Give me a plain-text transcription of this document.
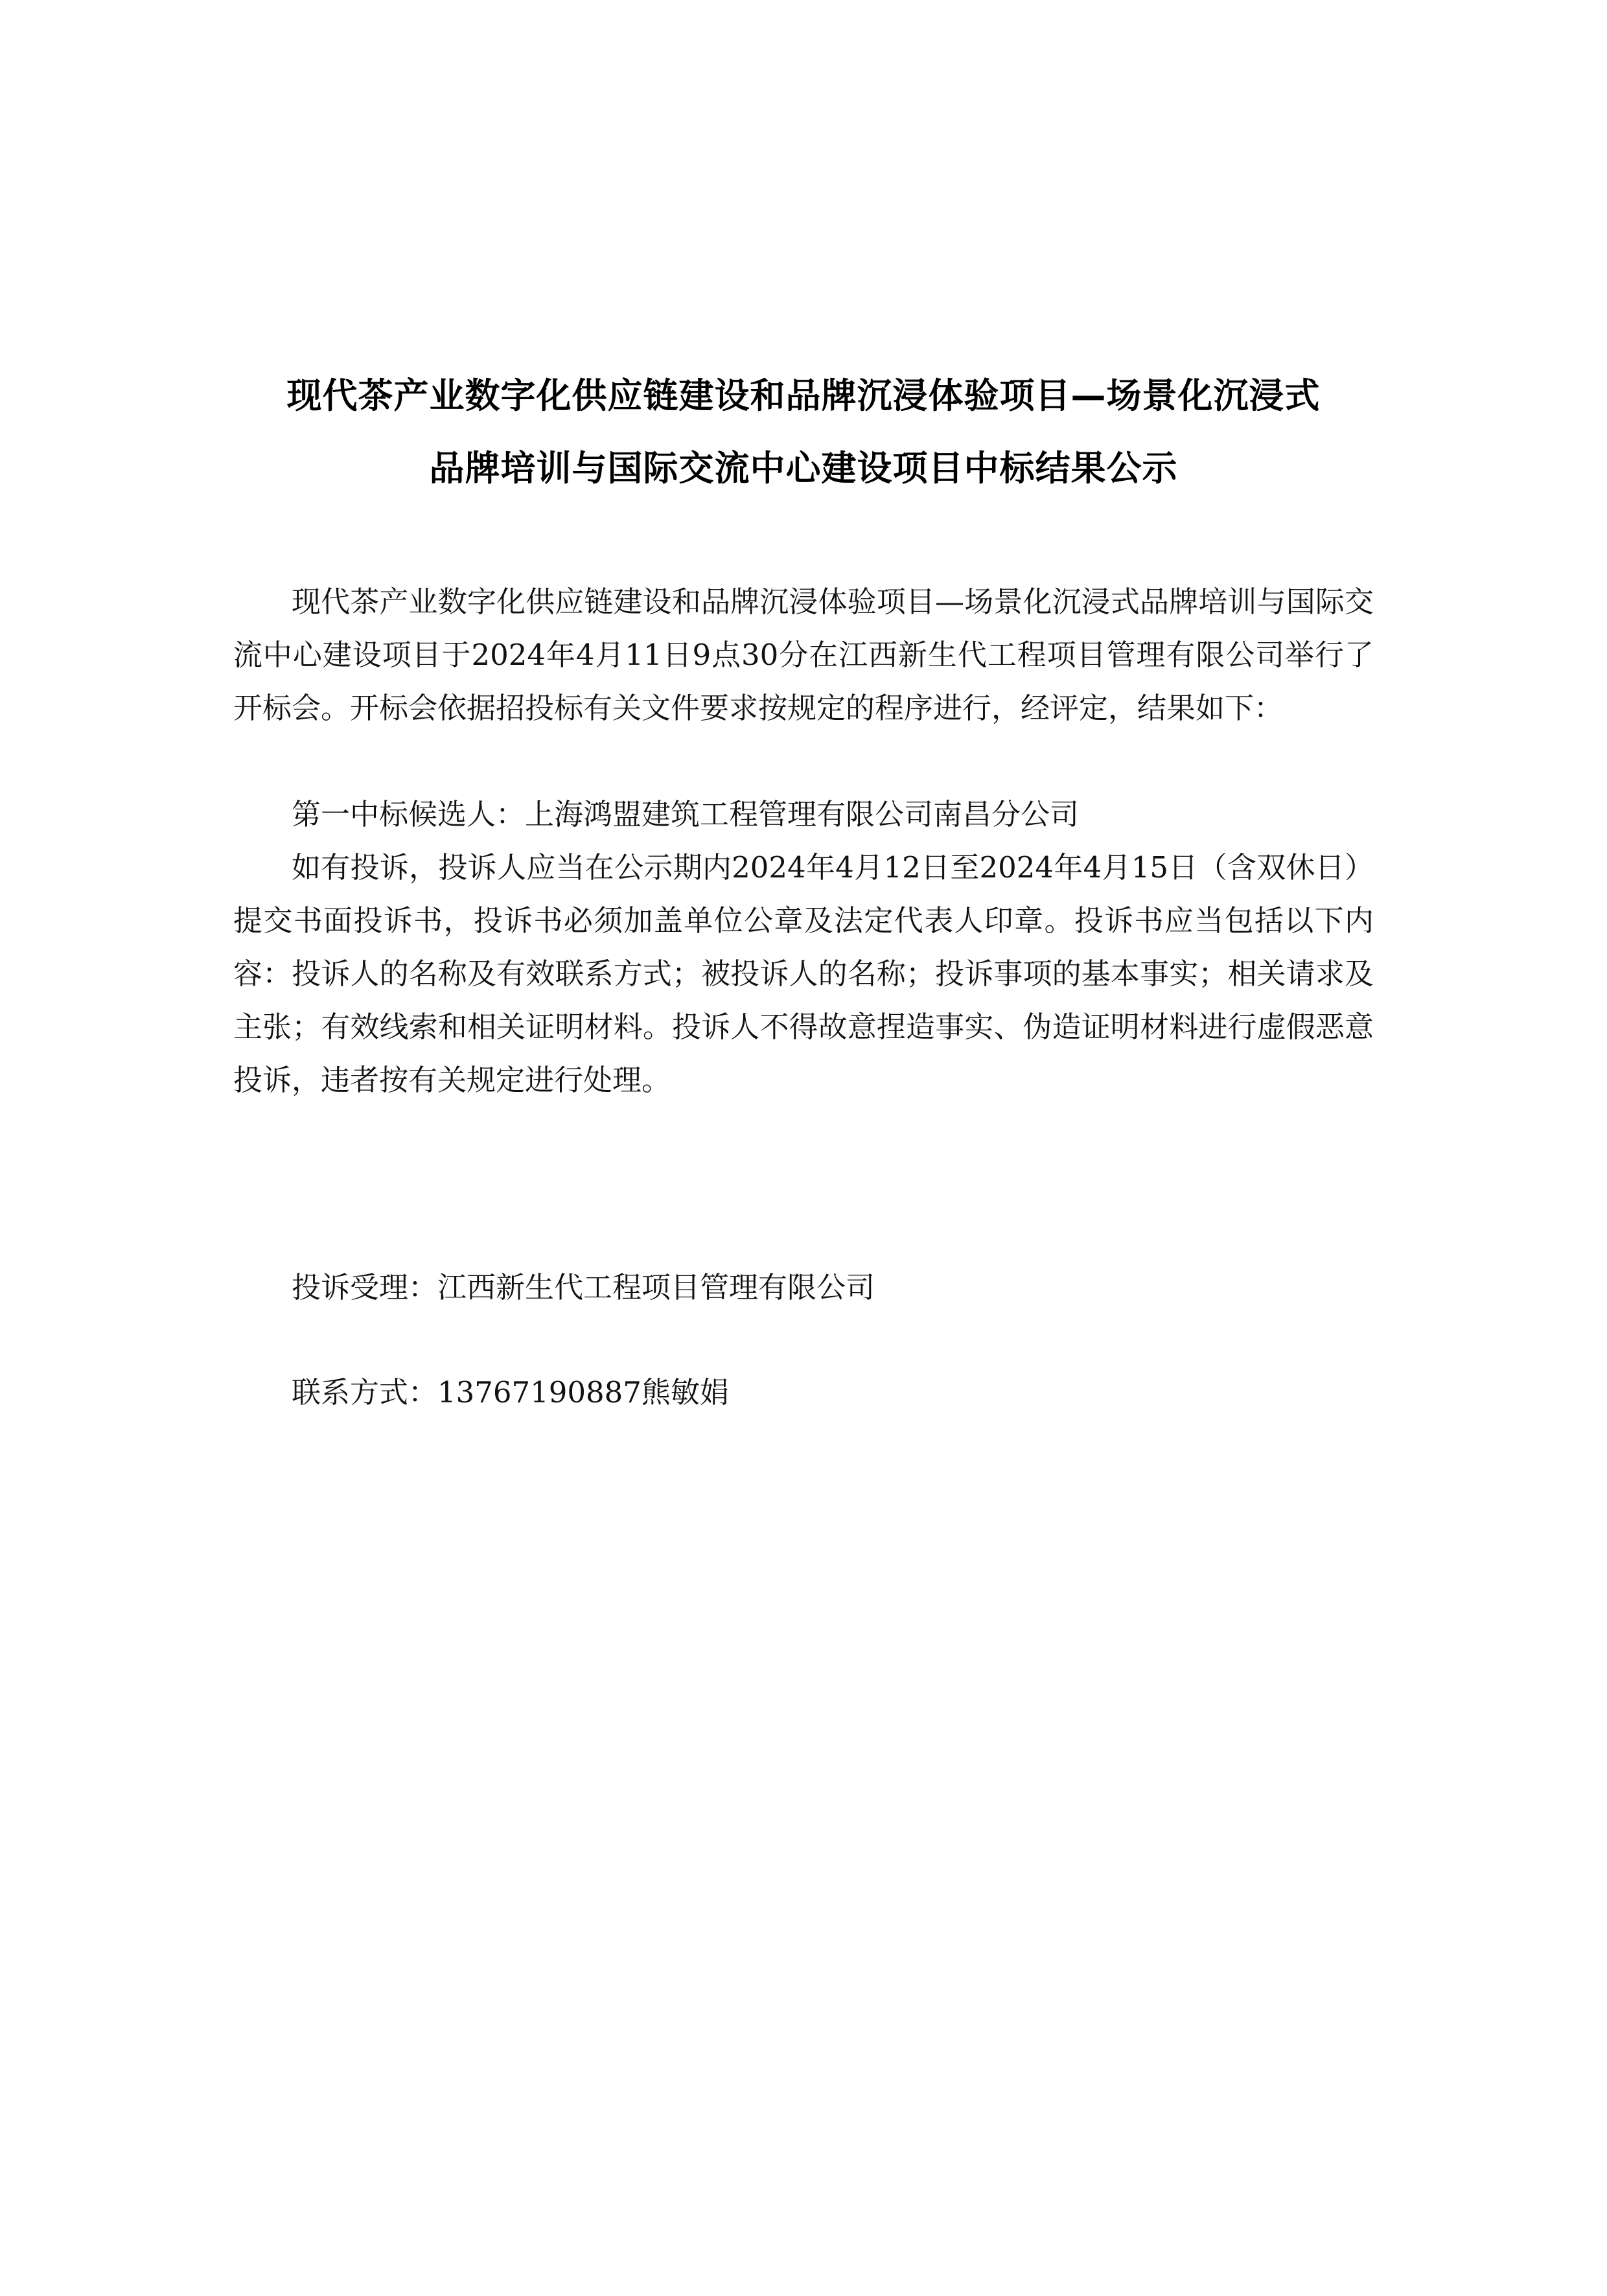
现代茶产业数字化供应链建设和品牌沉浸体验项目—场景化沉浸式
品牌培训与国际交流中心建设项目中标结果公示

现代茶产业数字化供应链建设和品牌沉浸体验项目—场景化沉浸式品牌培训与国际交流中心建设项目于2024年4月11日9点30分在江西新生代工程项目管理有限公司举行了开标会。开标会依据招投标有关文件要求按规定的程序进行，经评定，结果如下：

第一中标候选人：上海鸿盟建筑工程管理有限公司南昌分公司

如有投诉，投诉人应当在公示期内2024年4月12日至2024年4月15日（含双休日）提交书面投诉书，投诉书必须加盖单位公章及法定代表人印章。投诉书应当包括以下内容：投诉人的名称及有效联系方式；被投诉人的名称；投诉事项的基本事实；相关请求及主张；有效线索和相关证明材料。投诉人不得故意捏造事实、伪造证明材料进行虚假恶意投诉，违者按有关规定进行处理。

投诉受理：江西新生代工程项目管理有限公司

联系方式：13767190887熊敏娟
